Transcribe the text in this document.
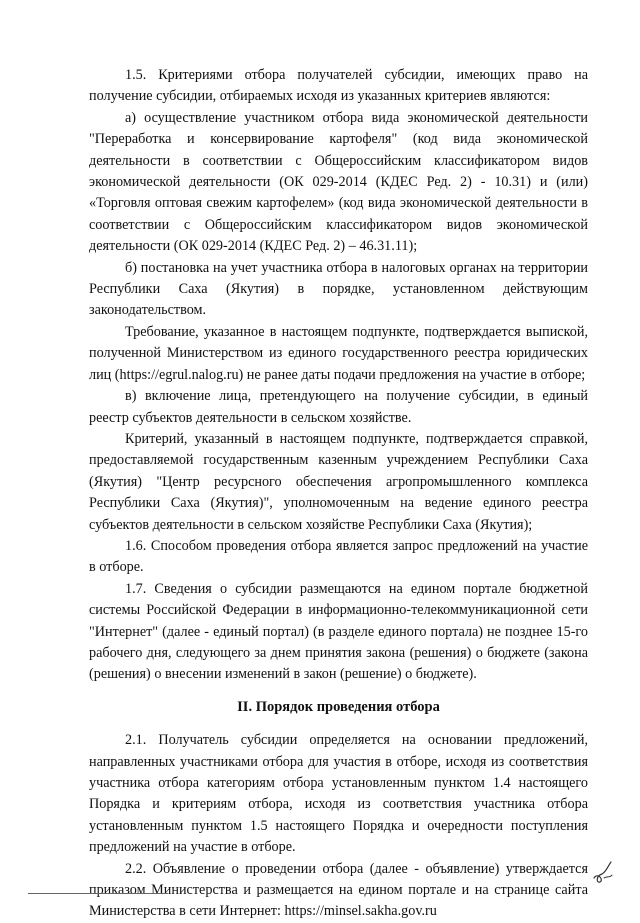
1.5. Критериями отбора получателей субсидии, имеющих право на получение субсидии, отбираемых исходя из указанных критериев являются:

а) осуществление участником отбора вида экономической деятельности "Переработка и консервирование картофеля" (код вида экономической деятельности в соответствии с Общероссийским классификатором видов экономической деятельности (ОК 029-2014 (КДЕС Ред. 2) - 10.31) и (или) «Торговля оптовая свежим картофелем» (код вида экономической деятельности в соответствии с Общероссийским классификатором видов экономической деятельности (ОК 029-2014 (КДЕС Ред. 2) – 46.31.11);

б) постановка на учет участника отбора в налоговых органах на территории Республики Саха (Якутия) в порядке, установленном действующим законодательством.

Требование, указанное в настоящем подпункте, подтверждается выпиской, полученной Министерством из единого государственного реестра юридических лиц (https://egrul.nalog.ru) не ранее даты подачи предложения на участие в отборе;

в) включение лица, претендующего на получение субсидии, в единый реестр субъектов деятельности в сельском хозяйстве.

Критерий, указанный в настоящем подпункте, подтверждается справкой, предоставляемой государственным казенным учреждением Республики Саха (Якутия) "Центр ресурсного обеспечения агропромышленного комплекса Республики Саха (Якутия)", уполномоченным на ведение единого реестра субъектов деятельности в сельском хозяйстве Республики Саха (Якутия);

1.6. Способом проведения отбора является запрос предложений на участие в отборе.

1.7. Сведения о субсидии размещаются на едином портале бюджетной системы Российской Федерации в информационно-телекоммуникационной сети "Интернет" (далее - единый портал) (в разделе единого портала) не позднее 15-го рабочего дня, следующего за днем принятия закона (решения) о бюджете (закона (решения) о внесении изменений в закон (решение) о бюджете).

II. Порядок проведения отбора

2.1. Получатель субсидии определяется на основании предложений, направленных участниками отбора для участия в отборе, исходя из соответствия участника отбора категориям отбора установленным пунктом 1.4 настоящего Порядка и критериям отбора, исходя из соответствия участника отбора установленным пунктом 1.5 настоящего Порядка и очередности поступления предложений на участие в отборе.

2.2. Объявление о проведении отбора (далее - объявление) утверждается приказом Министерства и размещается на едином портале и на странице сайта Министерства в сети Интернет: https://minsel.sakha.gov.ru
